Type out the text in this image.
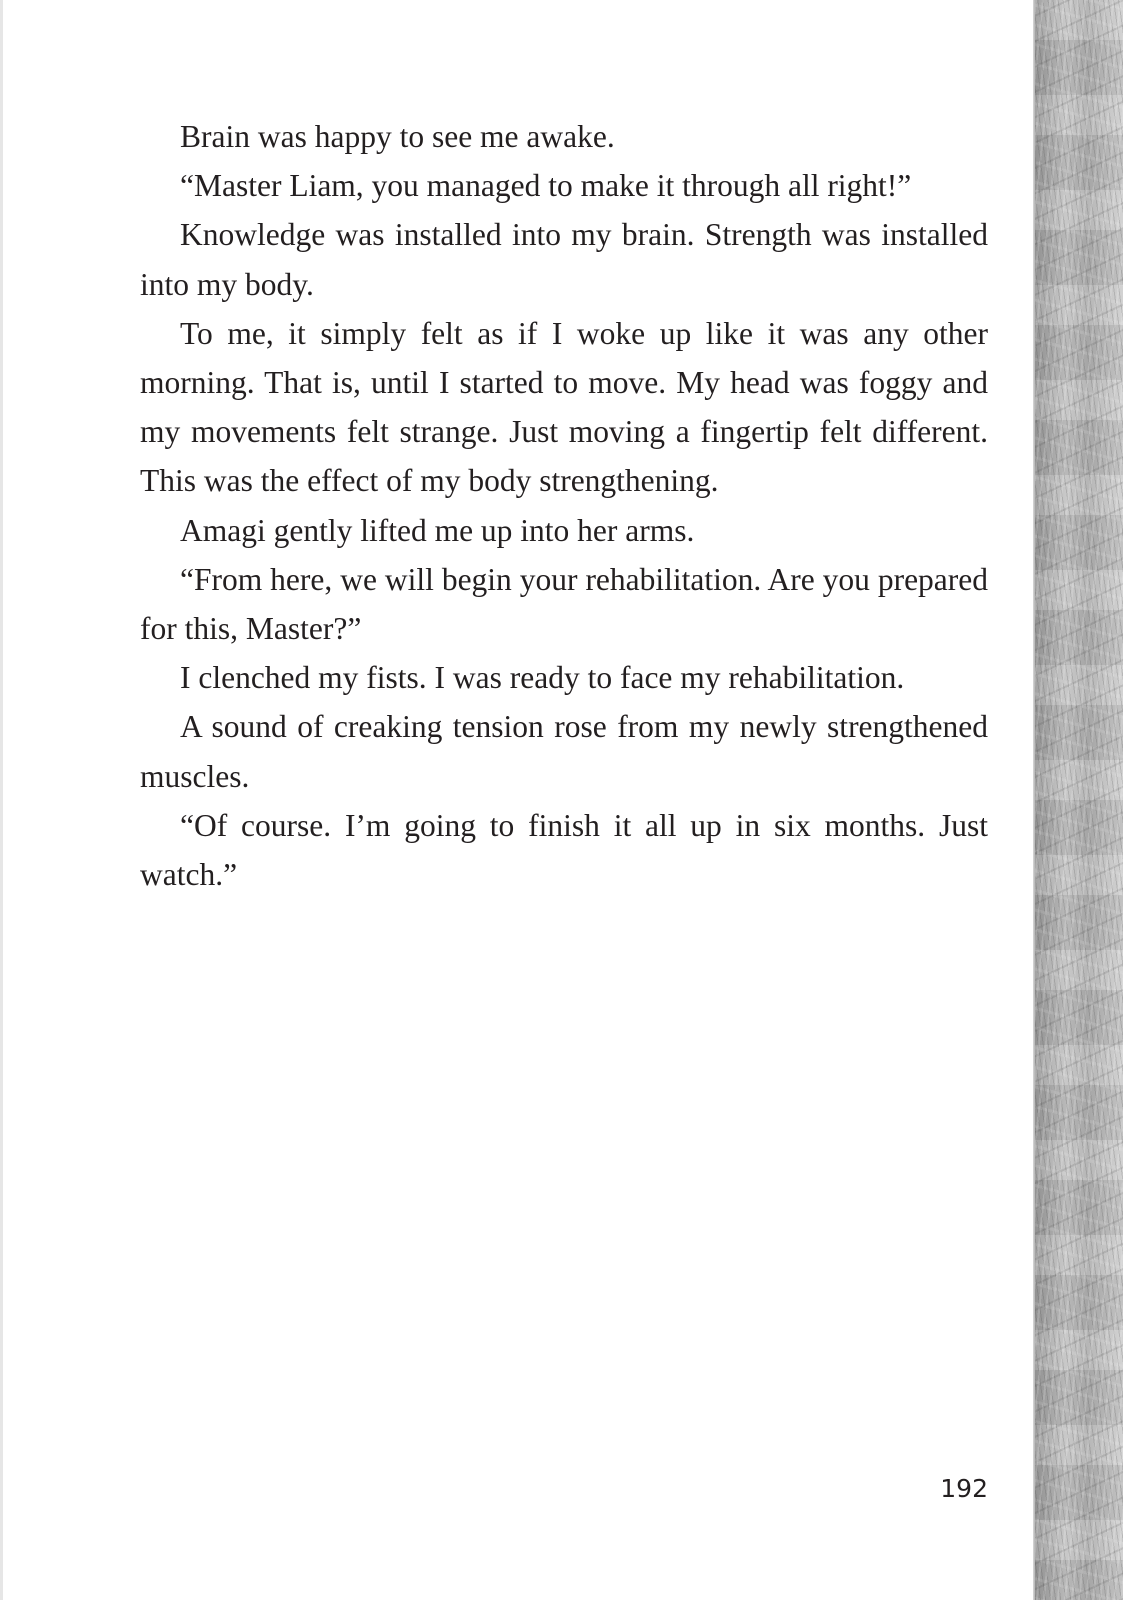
Brain was happy to see me awake.

“Master Liam, you managed to make it through all right!”

Knowledge was installed into my brain. Strength was installed into my body.

To me, it simply felt as if I woke up like it was any other morning. That is, until I started to move. My head was foggy and my movements felt strange. Just moving a fingertip felt different. This was the effect of my body strengthening.

Amagi gently lifted me up into her arms.

“From here, we will begin your rehabilitation. Are you prepared for this, Master?”

I clenched my fists. I was ready to face my rehabilitation.

A sound of creaking tension rose from my newly strengthened muscles.

“Of course. I’m going to finish it all up in six months. Just watch.”

192
